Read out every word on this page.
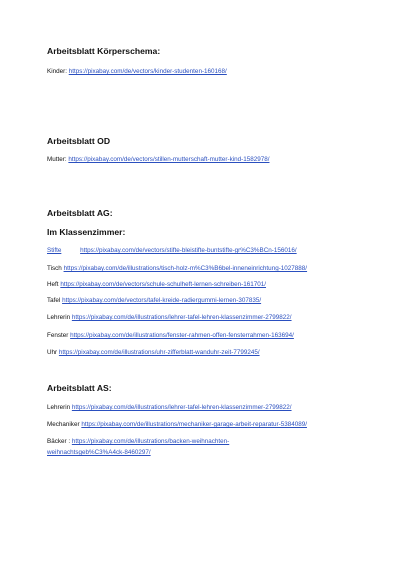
Arbeitsblatt Körperschema:
Kinder: https://pixabay.com/de/vectors/kinder-studenten-160168/
Arbeitsblatt OD
Mutter: https://pixabay.com/de/vectors/stillen-mutterschaft-mutter-kind-1582978/
Arbeitsblatt AG:
Im Klassenzimmer:
Stifte	https://pixabay.com/de/vectors/stifte-bleistifte-buntstifte-gr%C3%BCn-156016/
Tisch https://pixabay.com/de/illustrations/tisch-holz-m%C3%B6bel-inneneinrichtung-1027888/
Heft https://pixabay.com/de/vectors/schule-schulheft-lernen-schreiben-161701/
Tafel https://pixabay.com/de/vectors/tafel-kreide-radiergummi-lernen-307835/
Lehrerin https://pixabay.com/de/illustrations/lehrer-tafel-lehren-klassenzimmer-2799822/
Fenster https://pixabay.com/de/illustrations/fenster-rahmen-offen-fensterrahmen-163694/
Uhr https://pixabay.com/de/illustrations/uhr-zifferblatt-wanduhr-zeit-7799245/
Arbeitsblatt AS:
Lehrerin https://pixabay.com/de/illustrations/lehrer-tafel-lehren-klassenzimmer-2799822/
Mechaniker https://pixabay.com/de/illustrations/mechaniker-garage-arbeit-reparatur-5384089/
Bäcker : https://pixabay.com/de/illustrations/backen-weihnachten-
weihnachtsgeb%C3%A4ck-8460297/
